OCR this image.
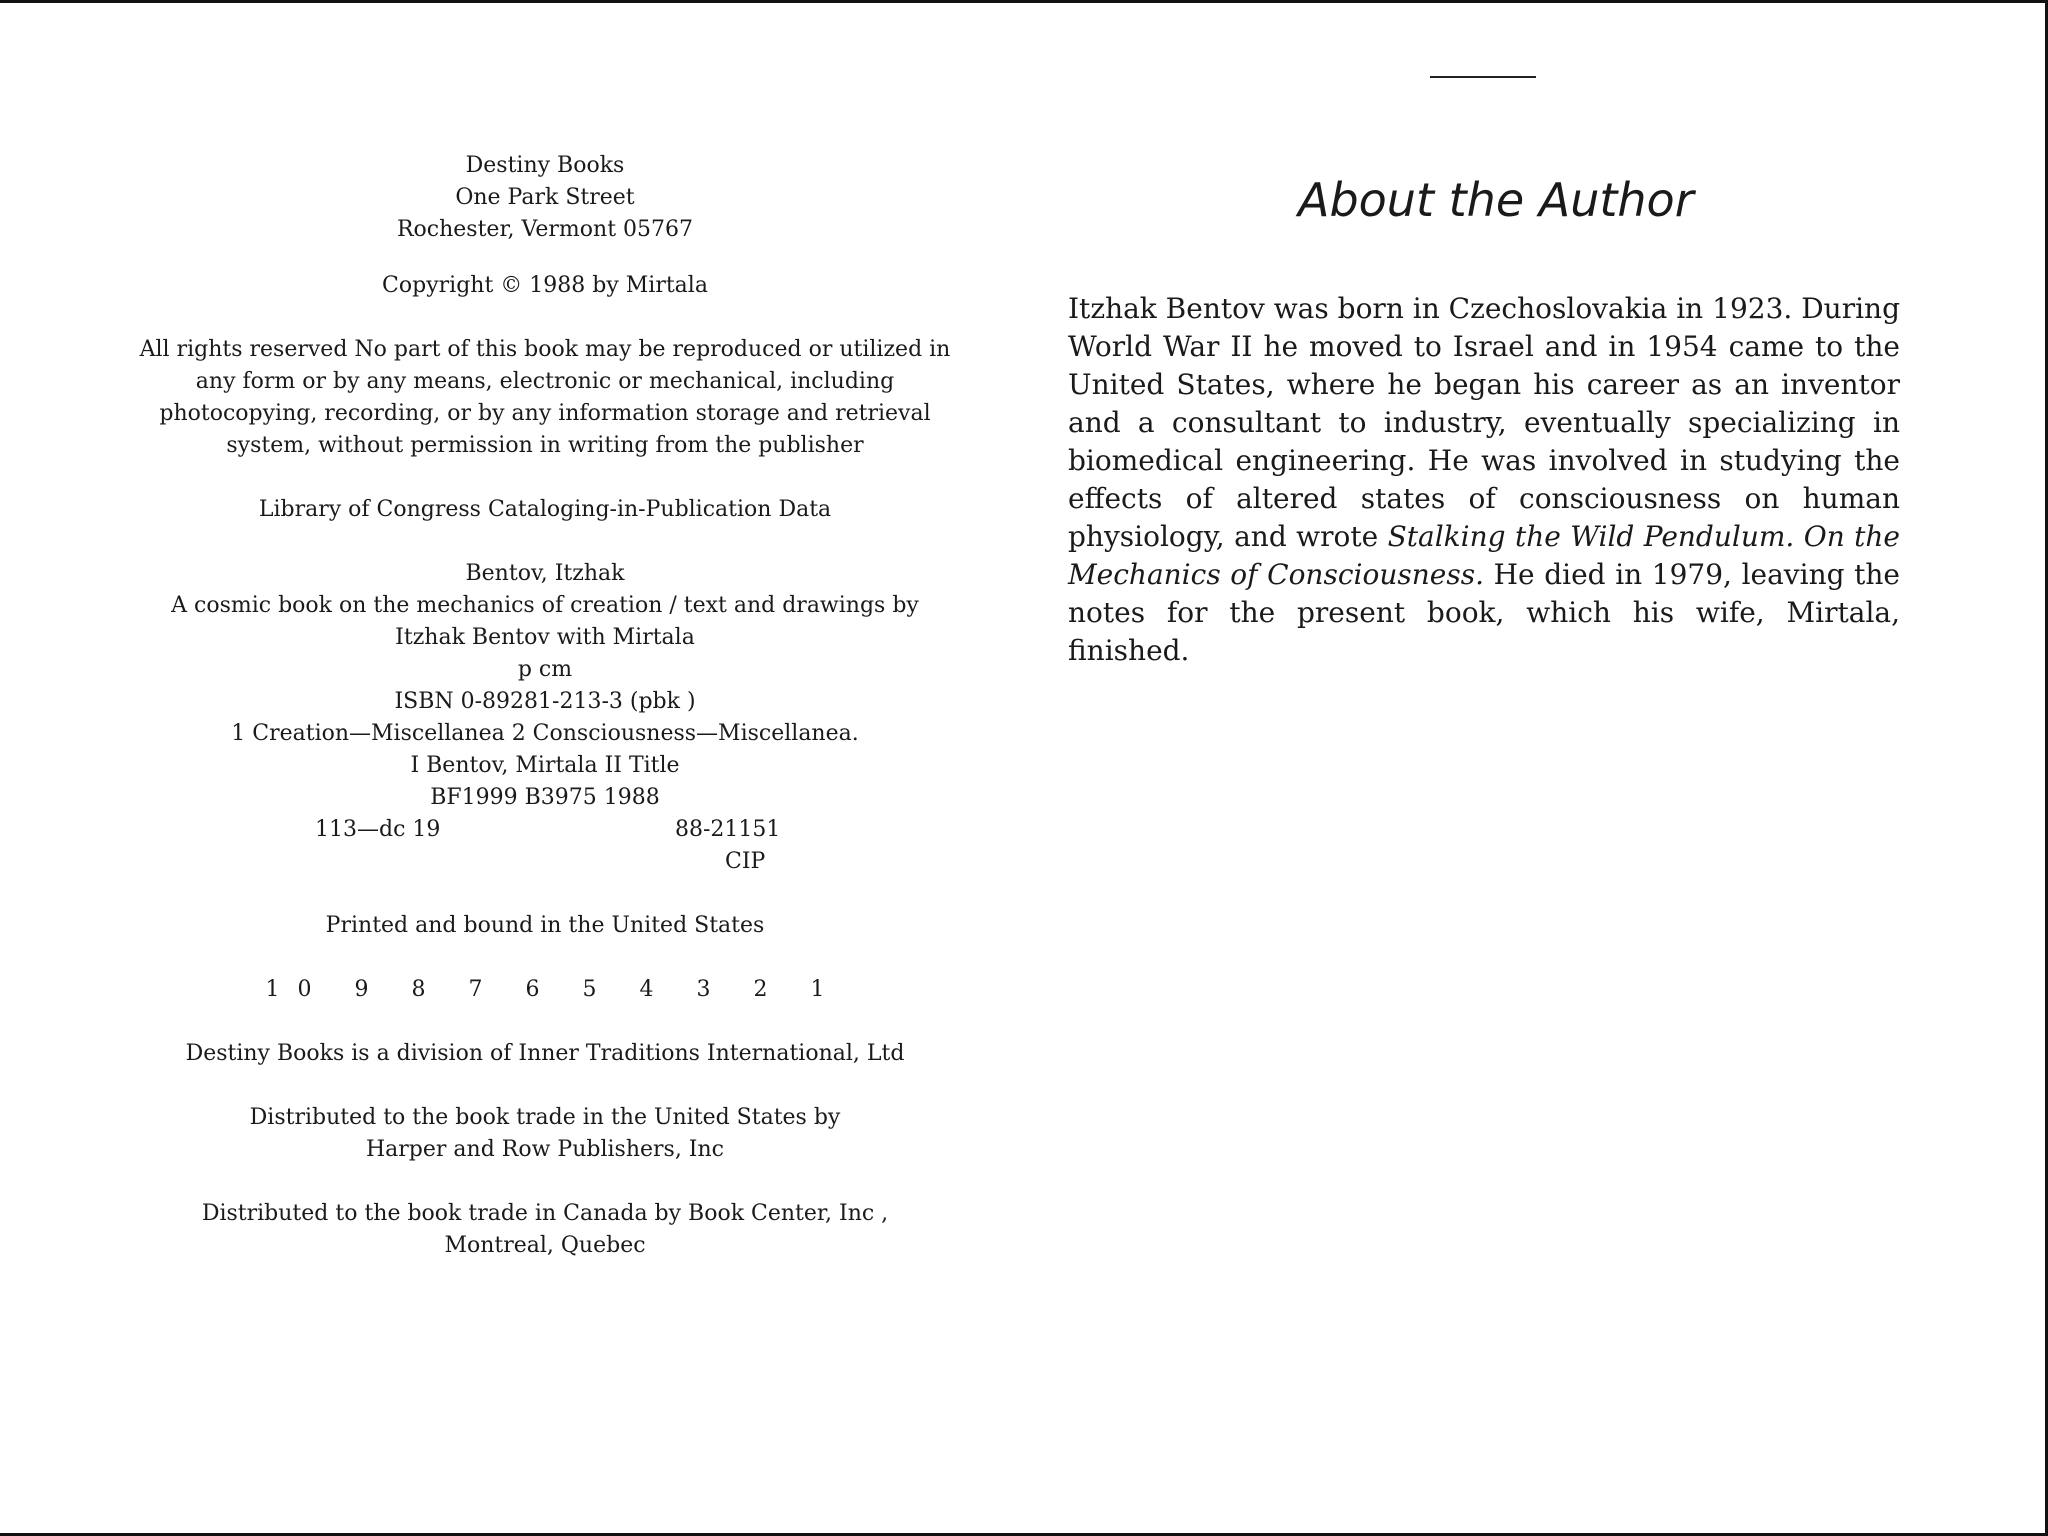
Destiny Books

One Park Street

Rochester, Vermont 05767

Copyright © 1988 by Mirtala

All rights reserved No part of this book may be reproduced or utilized in

any form or by any means, electronic or mechanical, including

photocopying, recording, or by any information storage and retrieval

system, without permission in writing from the publisher

Library of Congress Cataloging-in-Publication Data

Bentov, Itzhak

A cosmic book on the mechanics of creation / text and drawings by

Itzhak Bentov with Mirtala

p cm

ISBN 0-89281-213-3 (pbk )

1 Creation—Miscellanea 2 Consciousness—Miscellanea.

I Bentov, Mirtala II Title

BF1999 B3975 1988

113—dc 19	88-21151
CIP

Printed and bound in the United States

10 9 8 7 6 5 4 3 2 1

Destiny Books is a division of Inner Traditions International, Ltd

Distributed to the book trade in the United States by

Harper and Row Publishers, Inc

Distributed to the book trade in Canada by Book Center, Inc ,

Montreal, Quebec

About the Author

Itzhak Bentov was born in Czechoslovakia in 1923. During World War II he moved to Israel and in 1954 came to the United States, where he began his career as an inventor and a consultant to industry, eventually specializing in biomedical engineering. He was involved in studying the effects of altered states of consciousness on human physiology, and wrote Stalking the Wild Pendulum. On the Mechanics of Consciousness. He died in 1979, leaving the notes for the present book, which his wife, Mirtala, finished.
